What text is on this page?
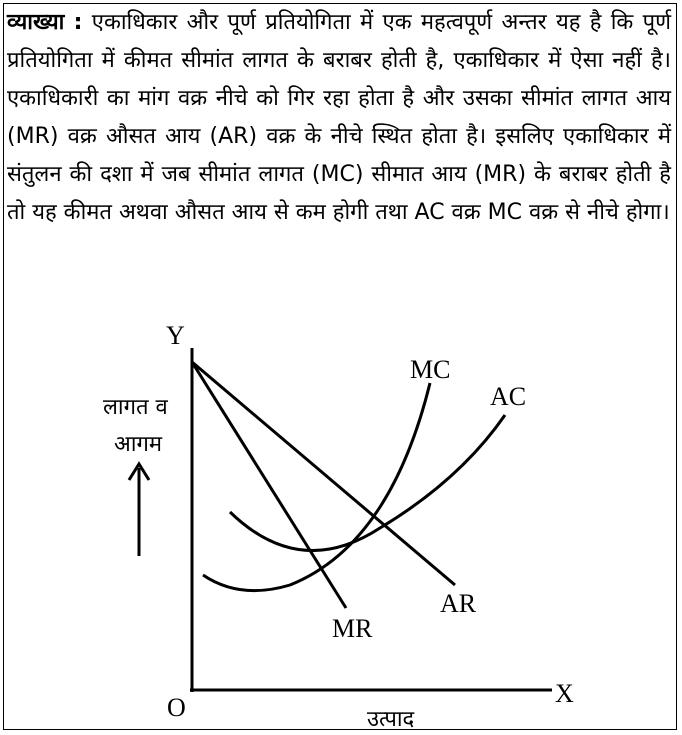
व्याख्या : एकाधिकार और पूर्ण प्रतियोगिता में एक महत्वपूर्ण अन्तर यह है कि पूर्ण प्रतियोगिता में कीमत सीमांत लागत के बराबर होती है, एकाधिकार में ऐसा नहीं है। एकाधिकारी का मांग वक्र नीचे को गिर रहा होता है और उसका सीमांत लागत आय (MR) वक्र औसत आय (AR) वक्र के नीचे स्थित होता है। इसलिए एकाधिकार में संतुलन की दशा में जब सीमांत लागत (MC) सीमात आय (MR) के बराबर होती है तो यह कीमत अथवा औसत आय से कम होगी तथा AC वक्र MC वक्र से नीचे होगा।

Y
X
O
लागत व
आगम
उत्पाद
MC
AC
AR
MR
